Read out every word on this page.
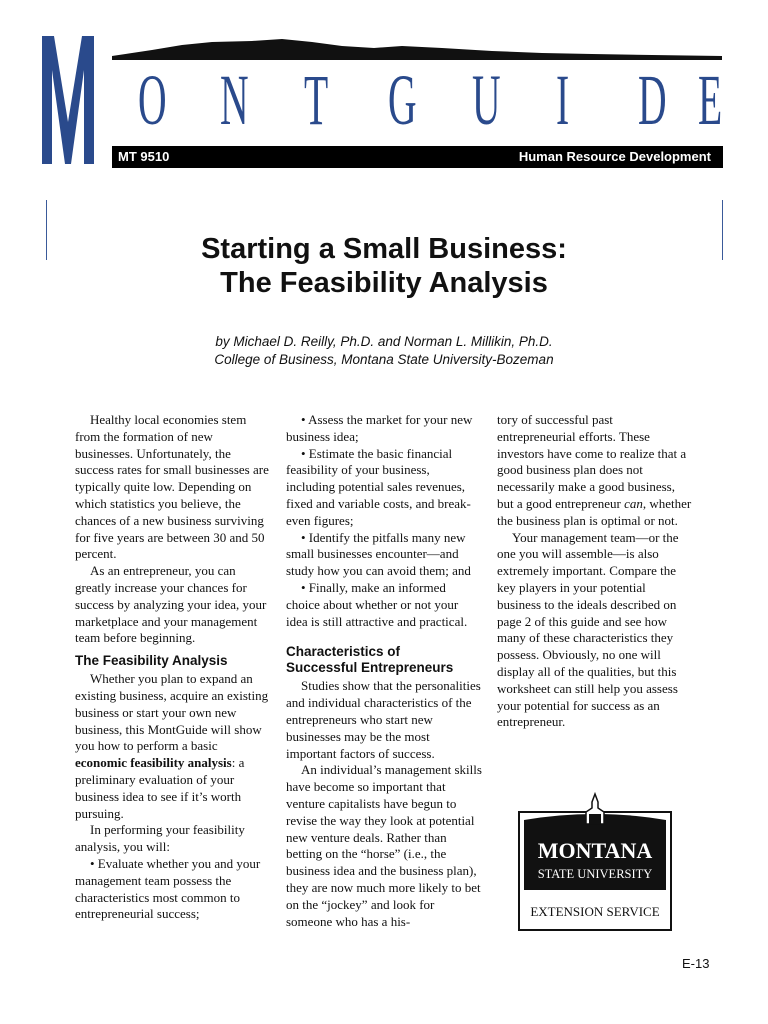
M
O N T G U I D E
MT 9510	Human Resource Development
Starting a Small Business:
The Feasibility Analysis
by Michael D. Reilly, Ph.D. and Norman L. Millikin, Ph.D.
College of Business, Montana State University-Bozeman

Healthy local economies stem from the formation of new businesses. Unfortunately, the success rates for small businesses are typically quite low. Depending on which statistics you believe, the chances of a new business surviving for five years are between 30 and 50 percent.

As an entrepreneur, you can greatly increase your chances for success by analyzing your idea, your marketplace and your management team before beginning.

The Feasibility Analysis

Whether you plan to expand an existing business, acquire an existing business or start your own new business, this MontGuide will show you how to perform a basic economic feasibility analysis: a preliminary evaluation of your business idea to see if it’s worth pursuing.

In performing your feasibility analysis, you will:

• Evaluate whether you and your management team possess the characteristics most common to entrepreneurial success;

• Assess the market for your new business idea;

• Estimate the basic financial feasibility of your business, including potential sales revenues, fixed and variable costs, and break-even figures;

• Identify the pitfalls many new small businesses encounter—and study how you can avoid them; and

• Finally, make an informed choice about whether or not your idea is still attractive and practical.

Characteristics of
Successful Entrepreneurs

Studies show that the personalities and individual characteristics of the entrepreneurs who start new businesses may be the most important factors of success.

An individual’s management skills have become so important that venture capitalists have begun to revise the way they look at potential new venture deals. Rather than betting on the “horse” (i.e., the business idea and the business plan), they are now much more likely to bet on the “jockey” and look for someone who has a his-

tory of successful past entrepreneurial efforts. These investors have come to realize that a good business plan does not necessarily make a good business, but a good entrepreneur can, whether the business plan is optimal or not.

Your management team—or the one you will assemble—is also extremely important. Compare the key players in your potential business to the ideals described on page 2 of this guide and see how many of these characteristics they possess. Obviously, no one will display all of the qualities, but this worksheet can still help you assess your potential for success as an entrepreneur.

MONTANA
STATE UNIVERSITY
EXTENSION SERVICE
E-13
